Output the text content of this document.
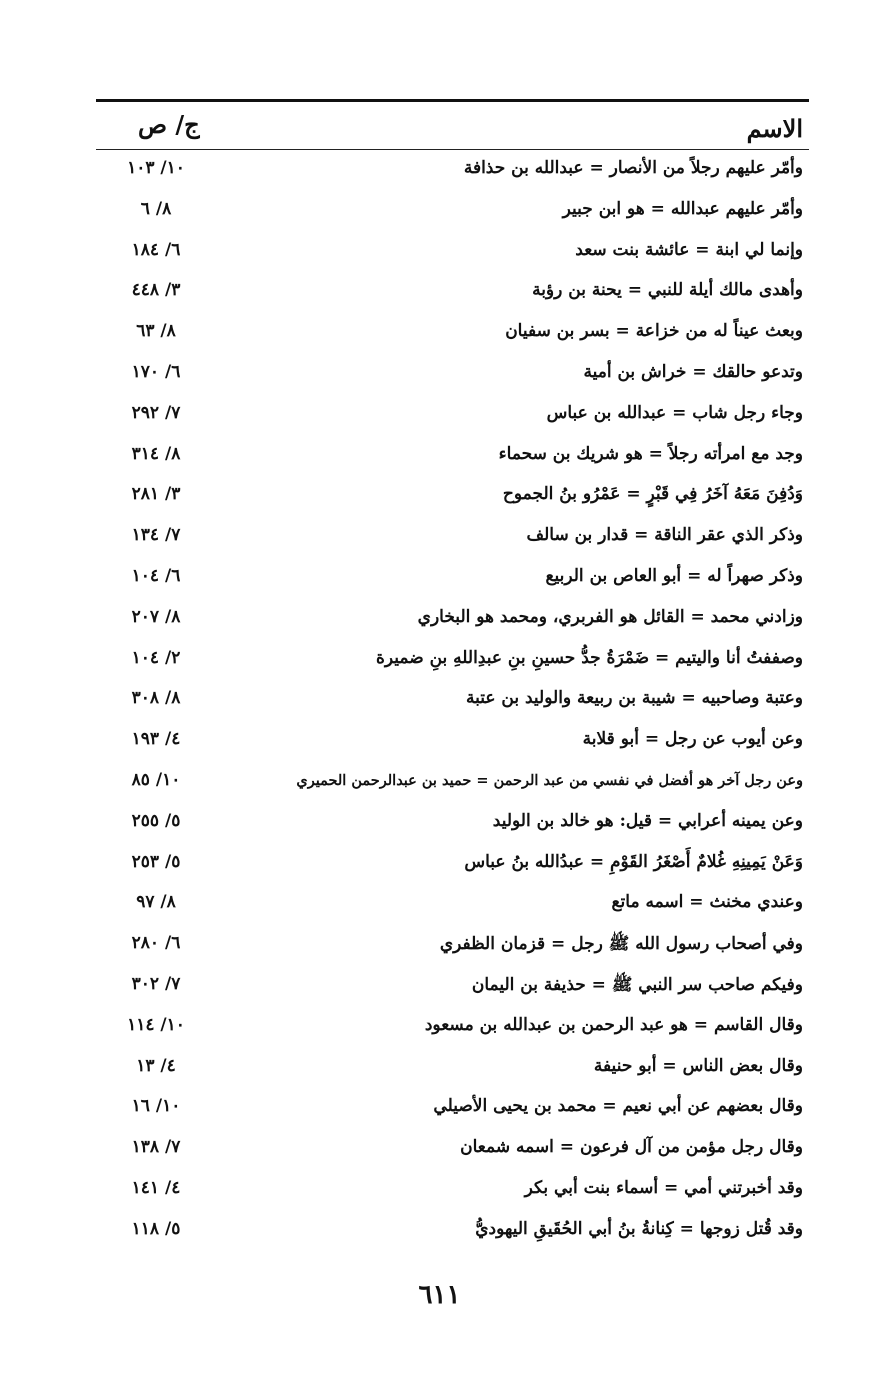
الاسم
ج/ ص
وأمّر عليهم رجلاً من الأنصار = عبدالله بن حذافة
١٠/ ١٠٣
وأمّر عليهم عبدالله = هو ابن جبير
٨/ ٦
وإنما لي ابنة = عائشة بنت سعد
٦/ ١٨٤
وأهدى مالك أيلة للنبي = يحنة بن رؤبة
٣/ ٤٤٨
وبعث عيناً له من خزاعة = بسر بن سفيان
٨/ ٦٣
وتدعو حالقك = خراش بن أمية
٦/ ١٧٠
وجاء رجل شاب = عبدالله بن عباس
٧/ ٢٩٢
وجد مع امرأته رجلاً = هو شريك بن سحماء
٨/ ٣١٤
وَدُفِنَ مَعَهُ آخَرُ فِي قَبْرٍ = عَمْرُو بنُ الجموح
٣/ ٢٨١
وذكر الذي عقر الناقة = قدار بن سالف
٧/ ١٣٤
وذكر صهراً له = أبو العاص بن الربيع
٦/ ١٠٤
وزادني محمد = القائل هو الفربري، ومحمد هو البخاري
٨/ ٢٠٧
وصففتُ أنا واليتيم = ضَمْرَةُ جدُّ حسينِ بنِ عبدِاللهِ بنِ ضميرة
٢/ ١٠٤
وعتبة وصاحبيه = شيبة بن ربيعة والوليد بن عتبة
٨/ ٣٠٨
وعن أيوب عن رجل = أبو قلابة
٤/ ١٩٣
وعن رجل آخر هو أفضل في نفسي من عبد الرحمن = حميد بن عبدالرحمن الحميري
١٠/ ٨٥
وعن يمينه أعرابي = قيل: هو خالد بن الوليد
٥/ ٢٥٥
وَعَنْ يَمِينِهِ غُلامٌ أَصْغَرُ القَوْمِ = عبدُالله بنُ عباس
٥/ ٢٥٣
وعندي مخنث = اسمه ماتع
٨/ ٩٧
وفي أصحاب رسول الله ﷺ رجل = قزمان الظفري
٦/ ٢٨٠
وفيكم صاحب سر النبي ﷺ = حذيفة بن اليمان
٧/ ٣٠٢
وقال القاسم = هو عبد الرحمن بن عبدالله بن مسعود
١٠/ ١١٤
وقال بعض الناس = أبو حنيفة
٤/ ١٣
وقال بعضهم عن أبي نعيم = محمد بن يحيى الأصيلي
١٠/ ١٦
وقال رجل مؤمن من آل فرعون = اسمه شمعان
٧/ ١٣٨
وقد أخبرتني أمي = أسماء بنت أبي بكر
٤/ ١٤١
وقد قُتل زوجها = كِنانةُ بنُ أبي الحُقَيقِ اليهوديُّ
٥/ ١١٨
٦١١
